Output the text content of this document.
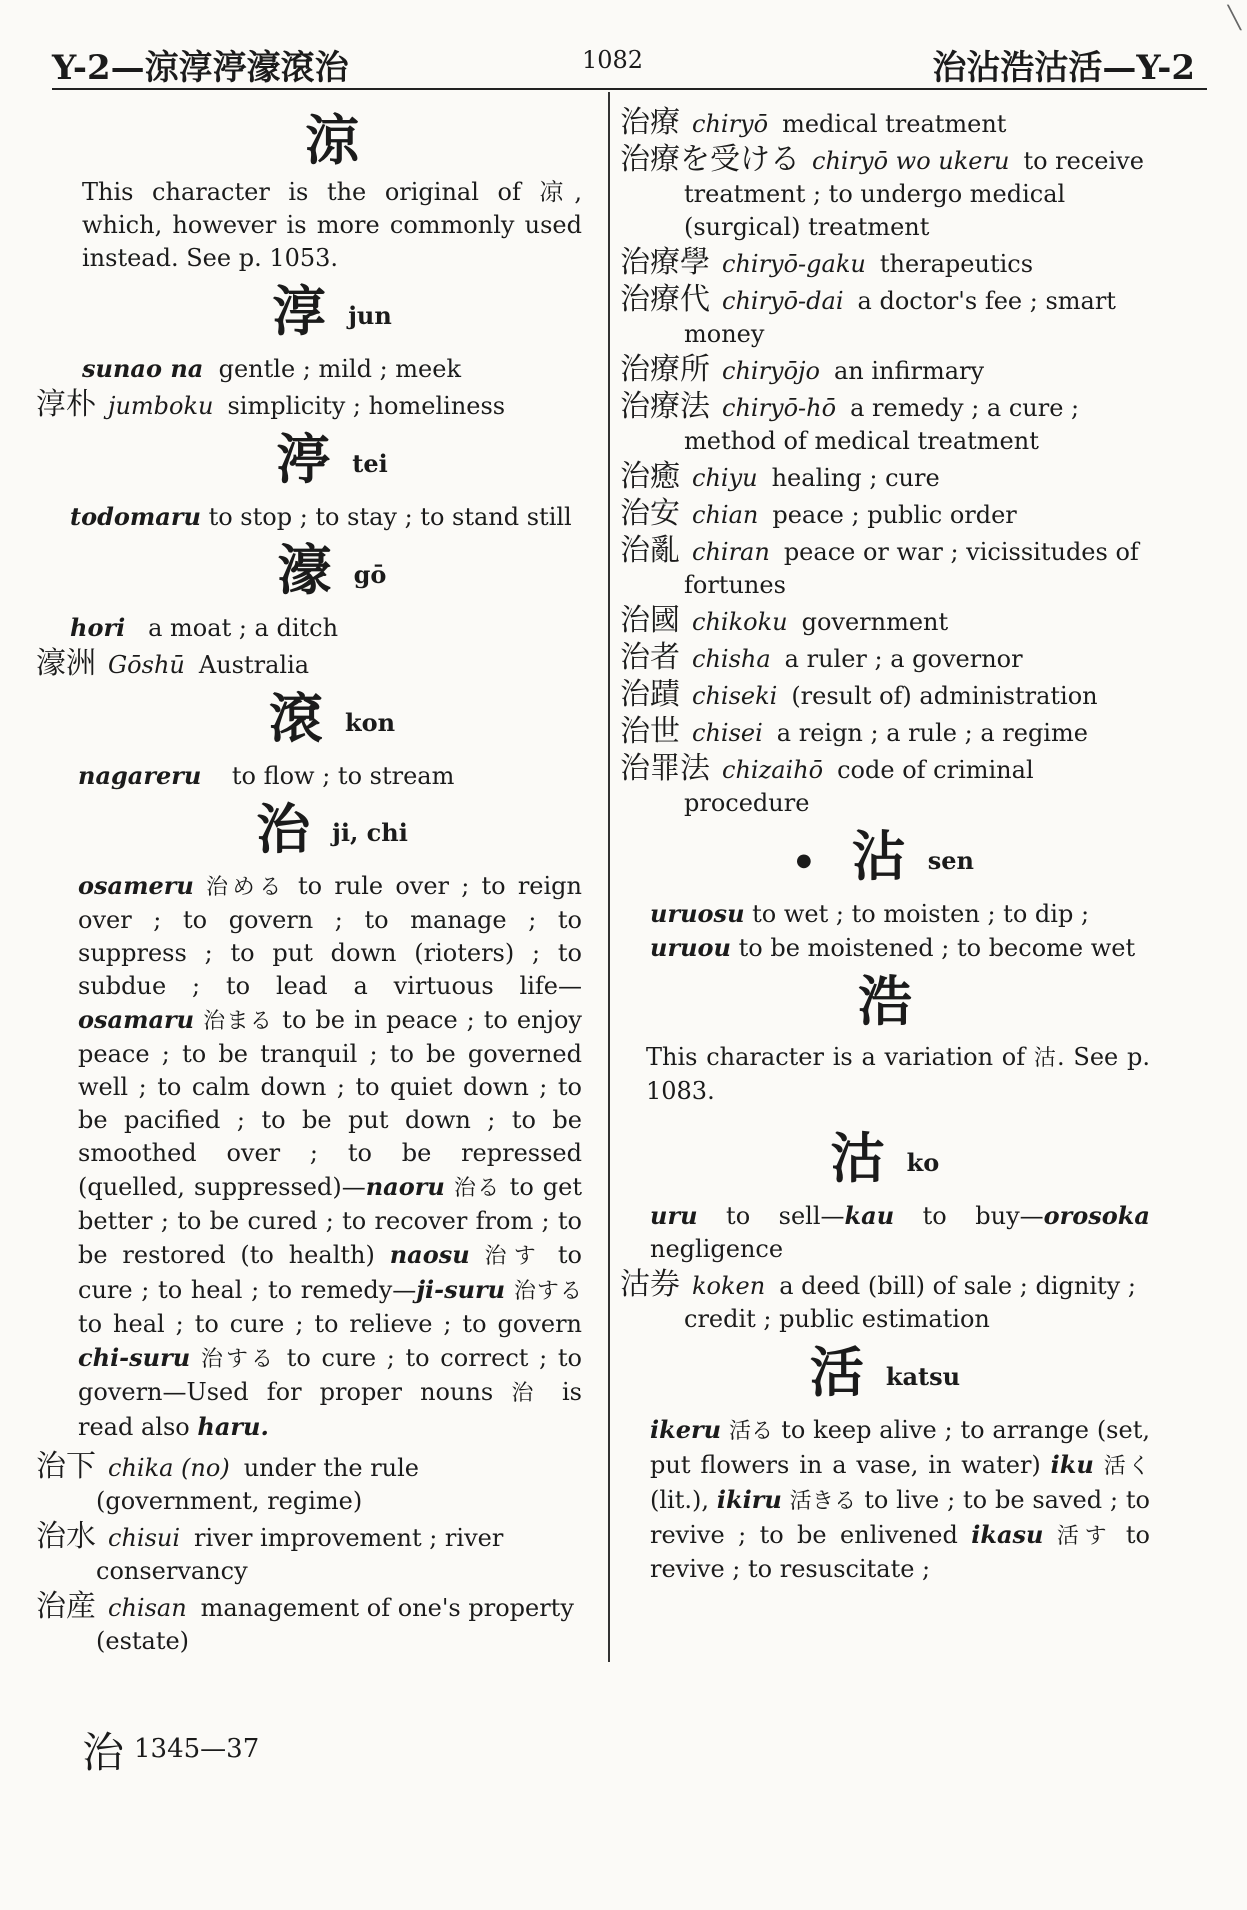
╲
Y-2—涼淳渟濠滾治	1082	治沾浩沽活—Y-2
涼

This character is the original of 凉, which, however is more commonly used instead. See p. 1053.

淳jun

sunao na gentle ; mild ; meek

淳朴 jumboku simplicity ; homeliness

渟tei

todomaru to stop ; to stay ; to stand still

濠gō

hori a moat ; a ditch

濠洲 Gōshū Australia

滾kon

nagareru to flow ; to stream

治ji, chi

osameru 治める to rule over ; to reign over ; to govern ; to manage ; to suppress ; to put down (rioters) ; to subdue ; to lead a virtuous life—osamaru 治まる to be in peace ; to enjoy peace ; to be tranquil ; to be governed well ; to calm down ; to quiet down ; to be pacified ; to be put down ; to be smoothed over ; to be repressed (quelled, suppressed)—naoru 治る to get better ; to be cured ; to recover from ; to be restored (to health) naosu 治す to cure ; to heal ; to remedy—ji-suru 治する to heal ; to cure ; to relieve ; to govern chi-suru 治する to cure ; to correct ; to govern—Used for proper nouns 治 is read also haru.

治下 chika (no) under the rule (government, regime)

治水 chisui river improvement ; river conservancy

治産 chisan management of one's property (estate)

治療 chiryō medical treatment

治療を受ける chiryō wo ukeru to receive treatment ; to undergo medical (surgical) treatment

治療學 chiryō-gaku therapeutics

治療代 chiryō-dai a doctor's fee ; smart money

治療所 chiryōjo an infirmary

治療法 chiryō-hō a remedy ; a cure ; method of medical treatment

治癒 chiyu healing ; cure

治安 chian peace ; public order

治亂 chiran peace or war ; vicissitudes of fortunes

治國 chikoku government

治者 chisha a ruler ; a governor

治蹟 chiseki (result of) administration

治世 chisei a reign ; a rule ; a regime

治罪法 chizaihō code of criminal procedure

● 沾 sen

uruosu to wet ; to moisten ; to dip ;

uruou to be moistened ; to become wet

浩

This character is a variation of 沽. See p. 1083.

沽ko

uru to sell—kau to buy—orosoka negligence

沽券 koken a deed (bill) of sale ; dignity ; credit ; public estimation

活katsu

ikeru 活る to keep alive ; to arrange (set, put flowers in a vase, in water) iku 活く (lit.), ikiru 活きる to live ; to be saved ; to revive ; to be enlivened ikasu 活す to revive ; to resuscitate ;

治 1345—37
